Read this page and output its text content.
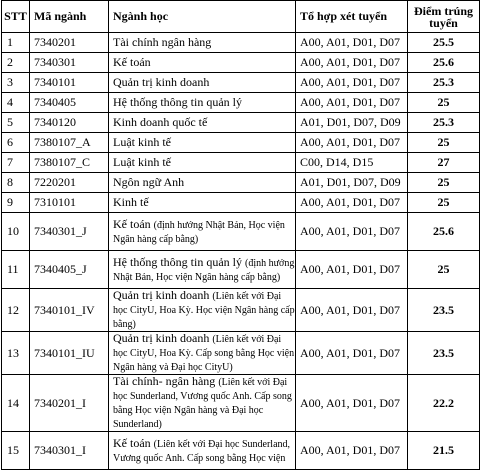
STT	Mã ngành	Ngành học	Tổ hợp xét tuyển	Điểm trúng tuyển
1	7340201	Tài chính ngân hàng	A00, A01, D01, D07	25.5
2	7340301	Kế toán	A00, A01, D01, D07	25.6
3	7340101	Quản trị kinh doanh	A00, A01, D01, D07	25.3
4	7340405	Hệ thống thông tin quản lý	A00, A01, D01, D07	25
5	7340120	Kinh doanh quốc tế	A01, D01, D07, D09	25.3
6	7380107_A	Luật kinh tế	A00, A01, D01, D07	25
7	7380107_C	Luật kinh tế	C00, D14, D15	27
8	7220201	Ngôn ngữ Anh	A01, D01, D07, D09	25
9	7310101	Kinh tế	A00, A01, D01, D07	25
10	7340301_J	Kế toán (định hướng Nhật Bản, Học viện Ngân hàng cấp bằng)	A00, A01, D01, D07	25.6
11	7340405_J	Hệ thống thông tin quản lý (định hướng Nhật Bản, Học viện Ngân hàng cấp bằng)	A00, A01, D01, D07	25
12	7340101_IV	Quản trị kinh doanh (Liên kết với Đại học CityU, Hoa Kỳ. Học viện Ngân hàng cấp bằng)	A00, A01, D01, D07	23.5
13	7340101_IU	Quản trị kinh doanh (Liên kết với Đại học CityU, Hoa Kỳ. Cấp song bằng Học viện Ngân hàng và Đại học CityU)	A00, A01, D01, D07	23.5
14	7340201_I	Tài chính- ngân hàng (Liên kết với Đại học Sunderland, Vương quốc Anh. Cấp song bằng Học viện Ngân hàng và Đại học Sunderland)	A00, A01, D01, D07	22.2
15	7340301_I	Kế toán (Liên kết với Đại học Sunderland, Vương quốc Anh. Cấp song bằng Học viện	A00, A01, D01, D07	21.5
